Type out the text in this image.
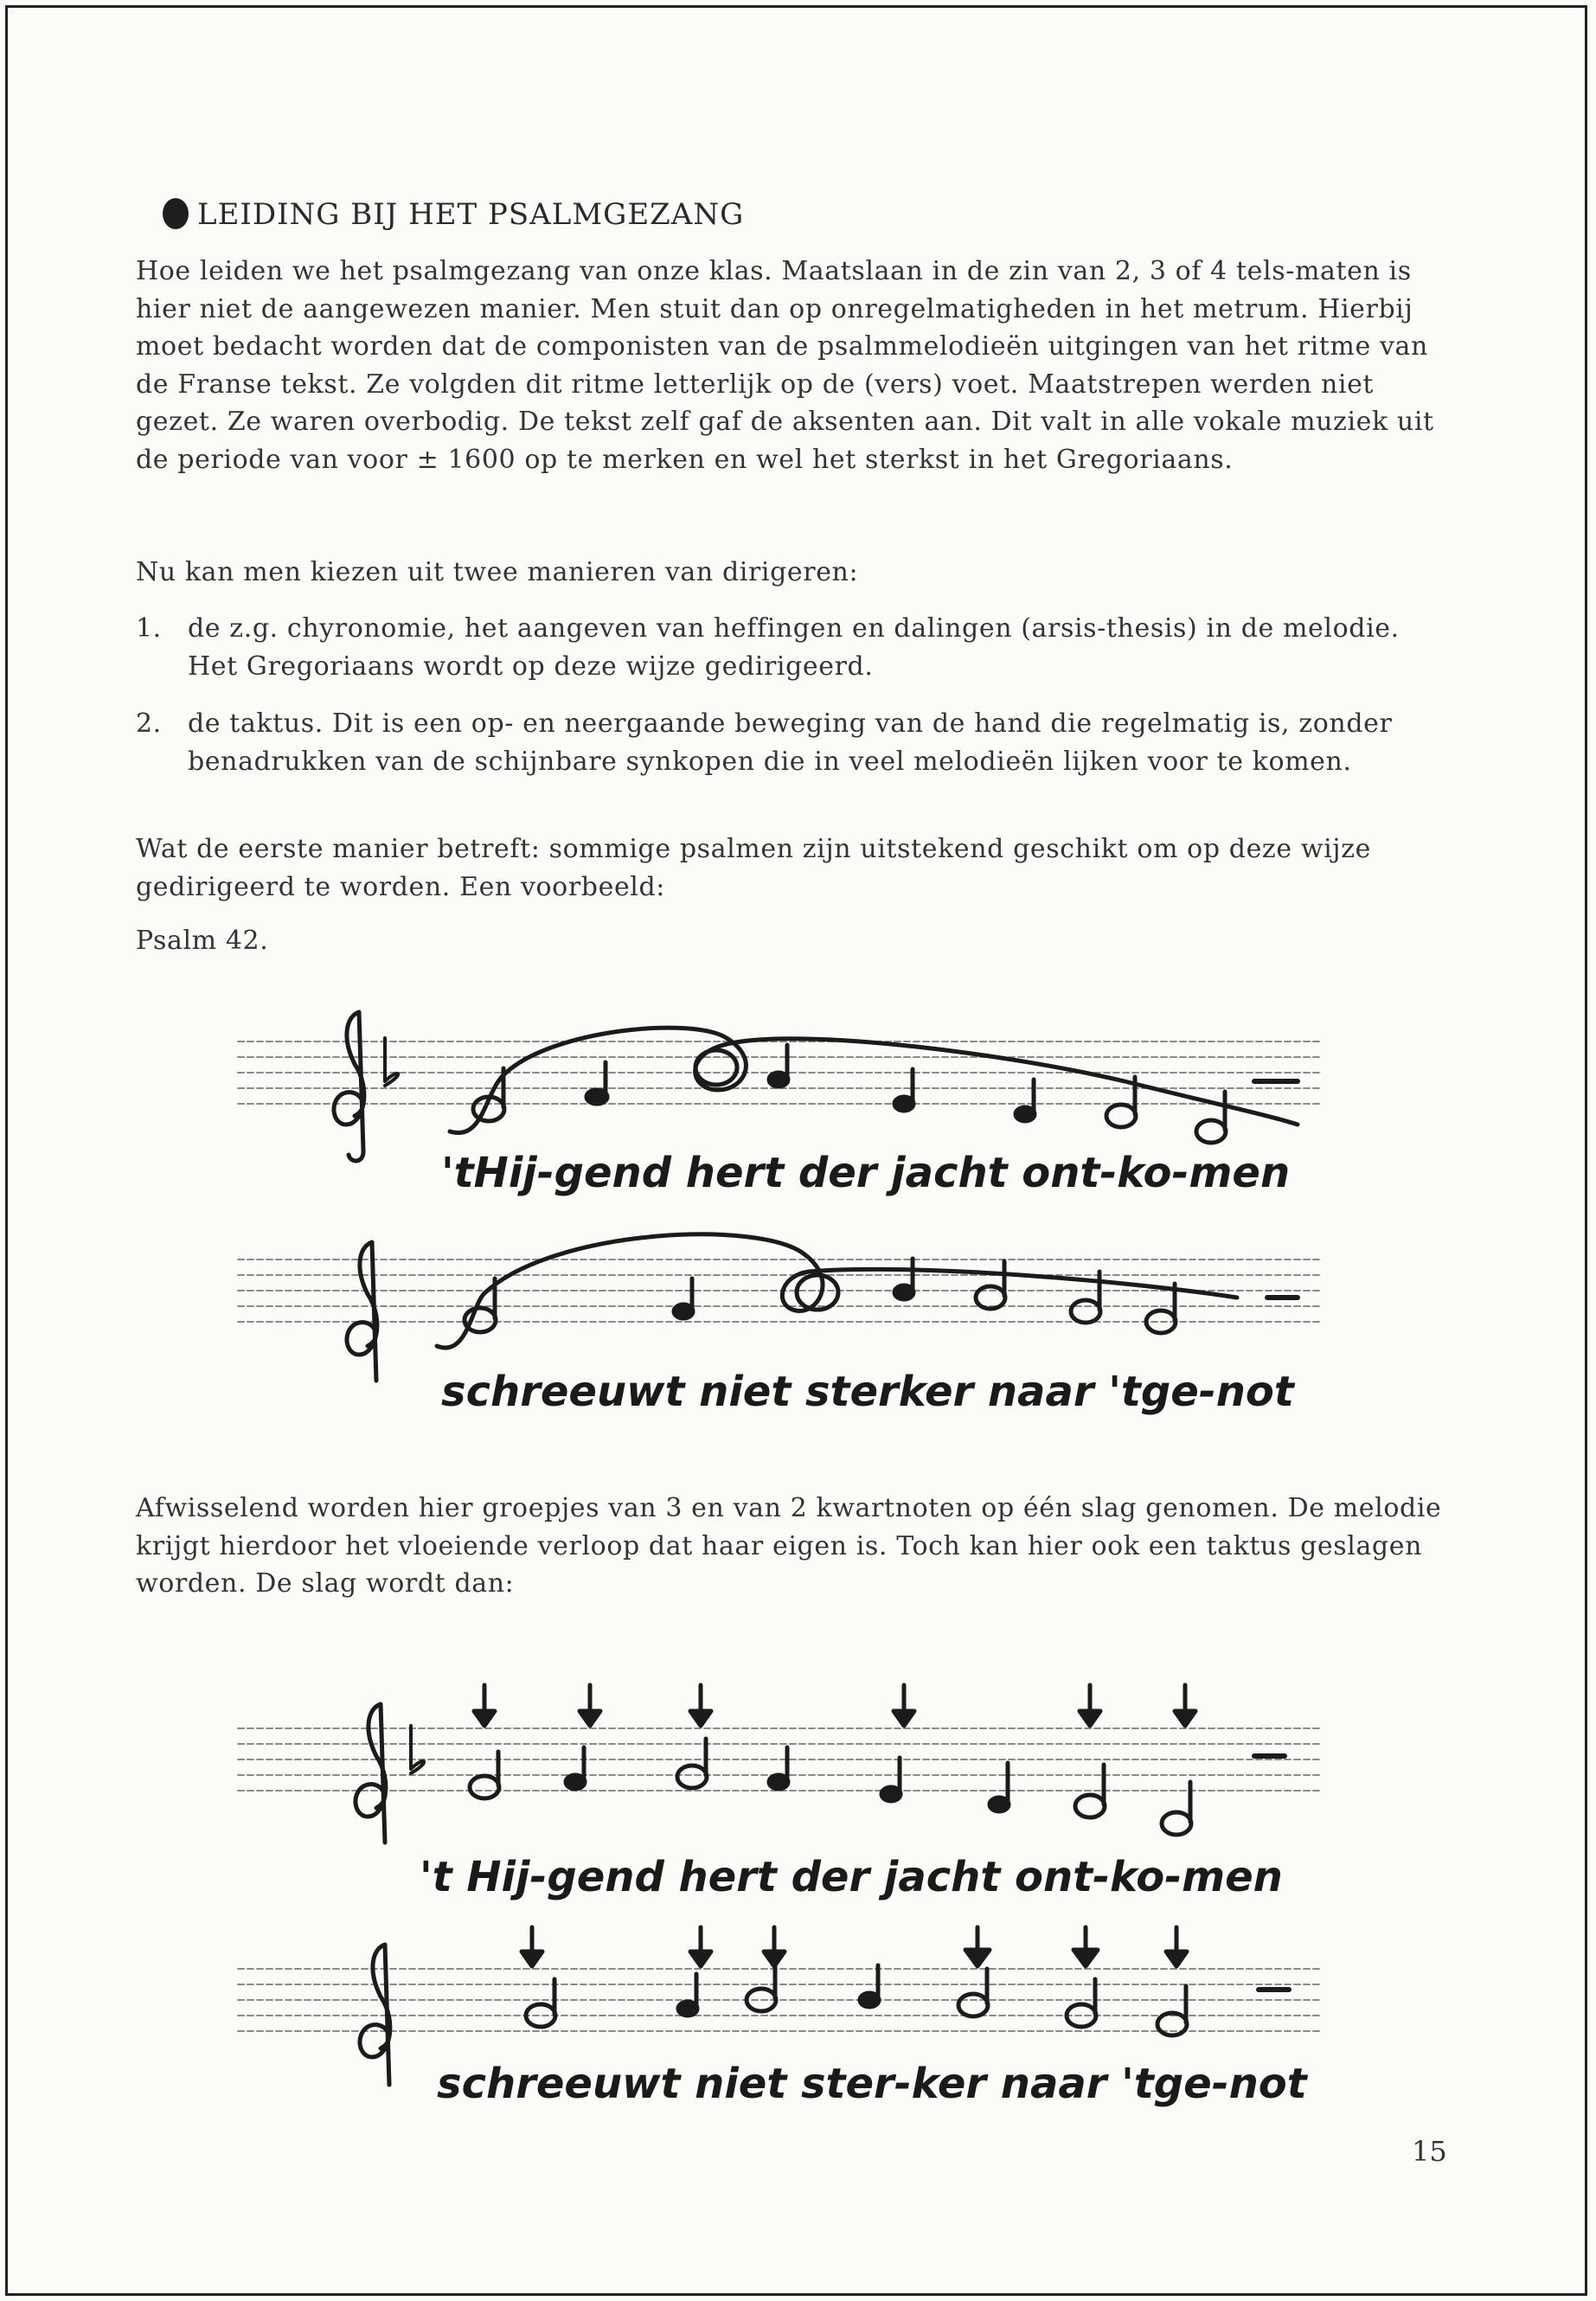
LEIDING BIJ HET PSALMGEZANG

Hoe leiden we het psalmgezang van onze klas. Maatslaan in de zin van 2, 3 of 4 tels-maten is hier niet de aangewezen manier. Men stuit dan op onregelmatigheden in het metrum. Hierbij moet bedacht worden dat de componisten van de psalmmelodieën uitgingen van het ritme van de Franse tekst. Ze volgden dit ritme letterlijk op de (vers) voet. Maatstrepen werden niet gezet. Ze waren overbodig. De tekst zelf gaf de aksenten aan. Dit valt in alle vokale muziek uit de periode van voor ± 1600 op te merken en wel het sterkst in het Gregoriaans.

Nu kan men kiezen uit twee manieren van dirigeren:

1. de z.g. chyronomie, het aangeven van heffingen en dalingen (arsis-thesis) in de melodie. Het Gregoriaans wordt op deze wijze gedirigeerd.
2. de taktus. Dit is een op- en neergaande beweging van de hand die regelmatig is, zonder benadrukken van de schijnbare synkopen die in veel melodieën lijken voor te komen.

Wat de eerste manier betreft: sommige psalmen zijn uitstekend geschikt om op deze wijze gedirigeerd te worden. Een voorbeeld:

Psalm 42.

Afwisselend worden hier groepjes van 3 en van 2 kwartnoten op één slag genomen. De melodie krijgt hierdoor het vloeiende verloop dat haar eigen is. Toch kan hier ook een taktus geslagen worden. De slag wordt dan:

15
'tHij-gend hert der jacht ont-ko-men
schreeuwt niet sterker naar 'tge-not
't Hij-gend hert der jacht ont-ko-men
schreeuwt niet ster-ker naar 'tge-not
